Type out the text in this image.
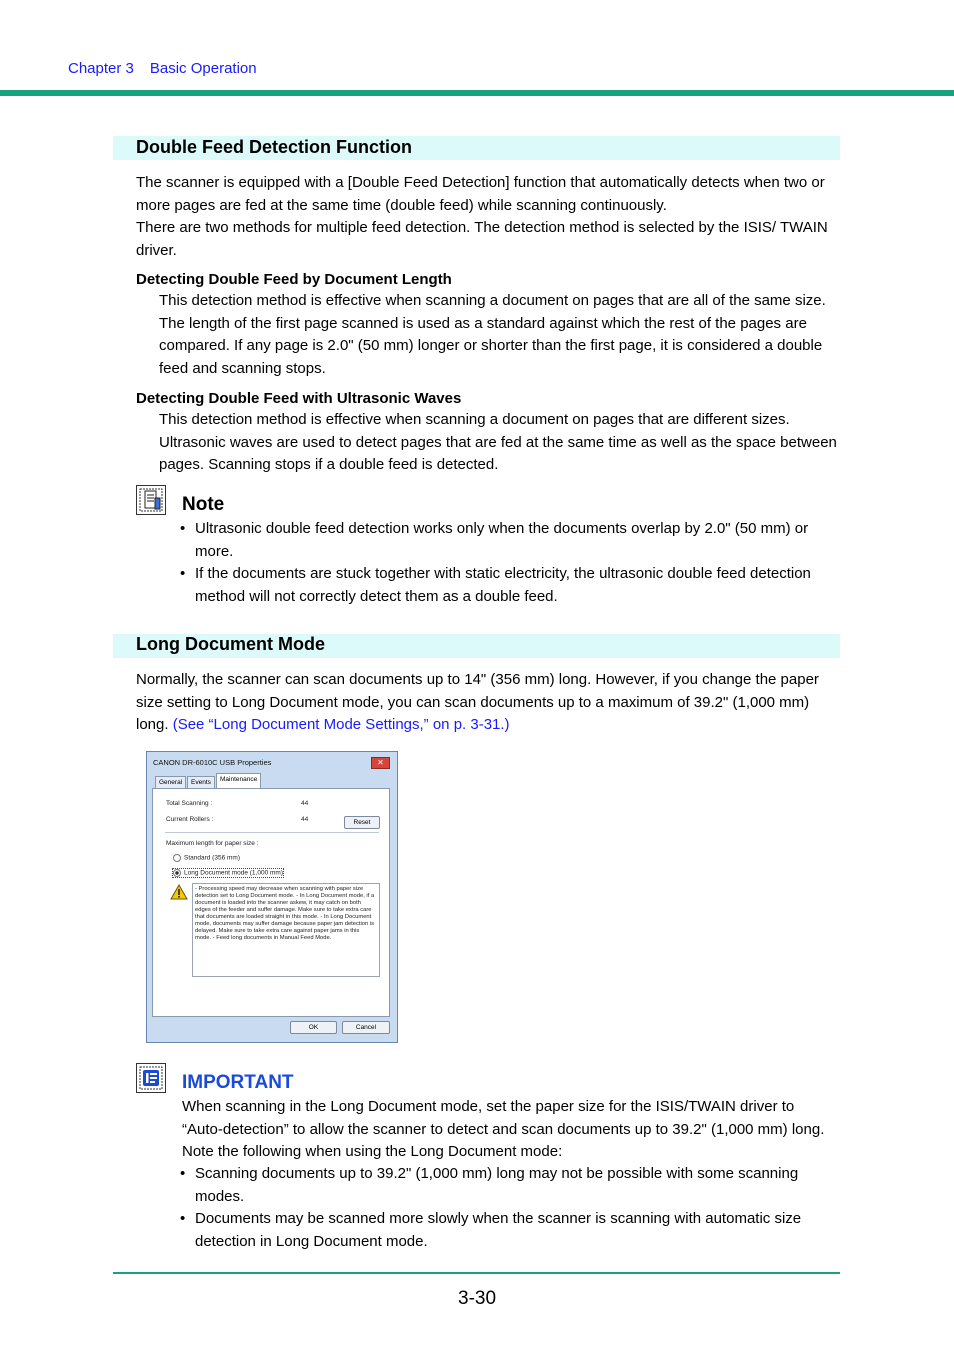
Chapter 3 Basic Operation
Double Feed Detection Function
The scanner is equipped with a [Double Feed Detection] function that automatically detects when two or more pages are fed at the same time (double feed) while scanning continuously.
There are two methods for multiple feed detection. The detection method is selected by the ISIS/ TWAIN driver.
Detecting Double Feed by Document Length
This detection method is effective when scanning a document on pages that are all of the same size. The length of the first page scanned is used as a standard against which the rest of the pages are compared. If any page is 2.0" (50 mm) longer or shorter than the first page, it is considered a double feed and scanning stops.
Detecting Double Feed with Ultrasonic Waves
This detection method is effective when scanning a document on pages that are different sizes. Ultrasonic waves are used to detect pages that are fed at the same time as well as the space between pages. Scanning stops if a double feed is detected.
Note
• Ultrasonic double feed detection works only when the documents overlap by 2.0" (50 mm) or more.
• If the documents are stuck together with static electricity, the ultrasonic double feed detection method will not correctly detect them as a double feed.
Long Document Mode
Normally, the scanner can scan documents up to 14" (356 mm) long. However, if you change the paper size setting to Long Document mode, you can scan documents up to a maximum of 39.2" (1,000 mm) long. (See “Long Document Mode Settings,” on p. 3-31.)
CANON DR-6010C USB Properties	✕
General	Events	Maintenance
Total Scanning :	44
Current Rollers :	44	Reset
Maximum length for paper size :
Standard (356 mm)
Long Document mode (1,000 mm)
- Processing speed may decrease when scanning with paper size detection set to Long Document mode. - In Long Document mode, if a document is loaded into the scanner askew, it may catch on both edges of the feeder and suffer damage. Make sure to take extra care that documents are loaded straight in this mode. - In Long Document mode, documents may suffer damage because paper jam detection is delayed. Make sure to take extra care against paper jams in this mode. - Feed long documents in Manual Feed Mode.
OK	Cancel
IMPORTANT
When scanning in the Long Document mode, set the paper size for the ISIS/TWAIN driver to “Auto-detection” to allow the scanner to detect and scan documents up to 39.2" (1,000 mm) long. Note the following when using the Long Document mode:
• Scanning documents up to 39.2" (1,000 mm) long may not be possible with some scanning modes.
• Documents may be scanned more slowly when the scanner is scanning with automatic size detection in Long Document mode.
3-30
